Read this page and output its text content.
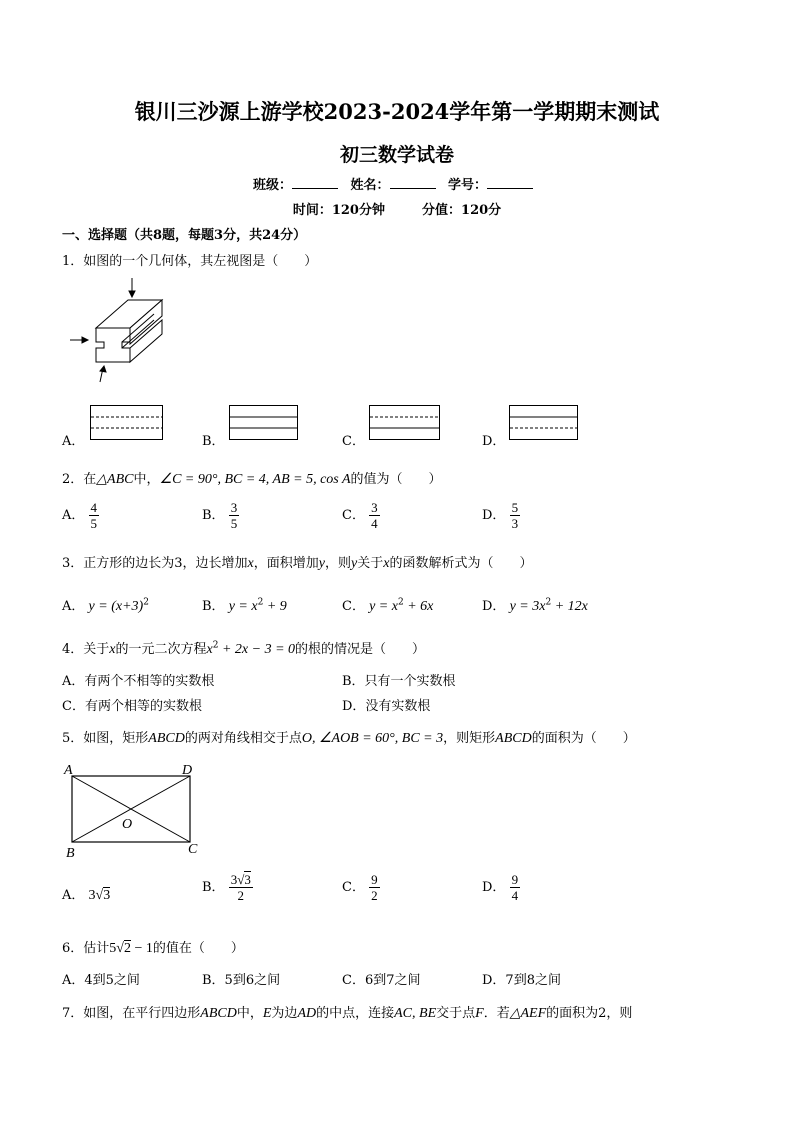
银川三沙源上游学校2023-2024学年第一学期期末测试
初三数学试卷
班级：	姓名：	学号：
时间：120分钟	分值：120分
一、选择题（共8题，每题3分，共24分）
1．如图的一个几何体，其左视图是（　　）
A．	B．	C．	D．
2．在△ABC中，∠C = 90°, BC = 4, AB = 5, cos A的值为（　　）
A． $\frac{4}{5}$	B． $\frac{3}{5}$	C． $\frac{3}{4}$	D． $\frac{5}{3}$
3．正方形的边长为3，边长增加x，面积增加y，则y关于x的函数解析式为（　　）
A． $y = (x+3)^2$	B． $y = x^2 + 9$	C． $y = x^2 + 6x$	D． $y = 3x^2 + 12x$
4．关于x的一元二次方程$x^2 + 2x - 3 = 0$的根的情况是（　　）
A．有两个不相等的实数根	B．只有一个实数根
C．有两个相等的实数根	D．没有实数根
5．如图，矩形ABCD的两对角线相交于点O, ∠AOB = 60°, BC = 3，则矩形ABCD的面积为（　　）
A	D
O
B	C
A． 3√3
B． $\frac{3√3}{2}$	C． $\frac{9}{2}$	D． $\frac{9}{4}$
6．估计5√2 − 1的值在（　　）
A．4到5之间	B．5到6之间	C．6到7之间	D．7到8之间
7．如图，在平行四边形ABCD中，E为边AD的中点，连接AC, BE交于点F．若△AEF的面积为2，则
